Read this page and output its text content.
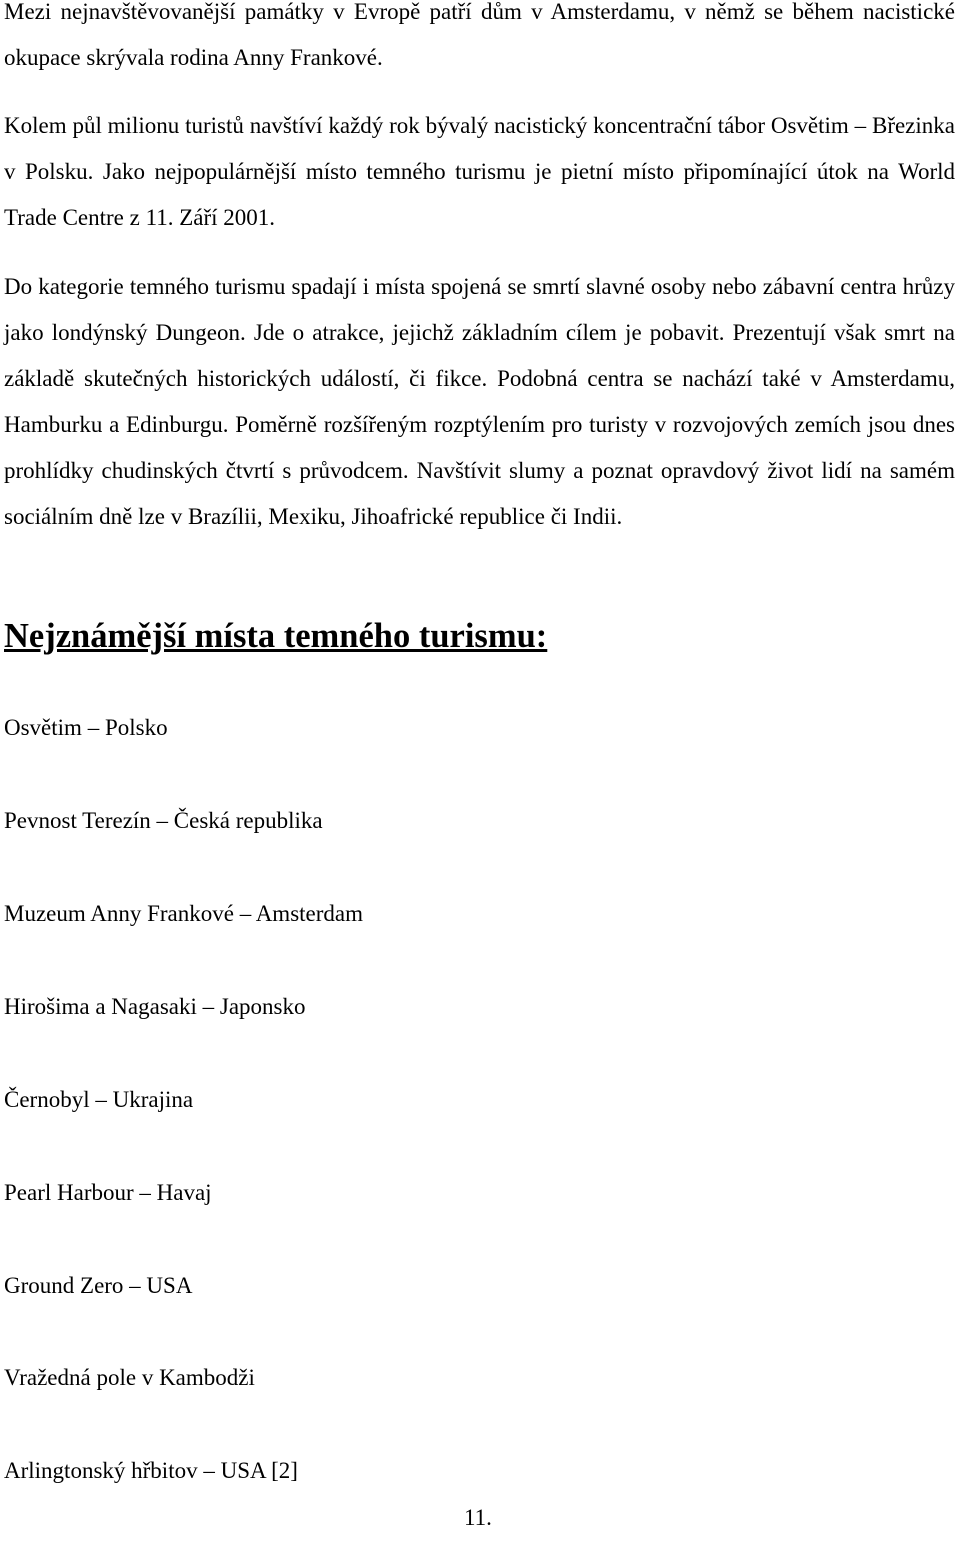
Mezi nejnavštěvovanější památky v Evropě patří dům v Amsterdamu, v němž se během nacistické okupace skrývala rodina Anny Frankové.

Kolem půl milionu turistů navštíví každý rok bývalý nacistický koncentrační tábor Osvětim – Březinka v Polsku. Jako nejpopulárnější místo temného turismu je pietní místo připomínající útok na World Trade Centre z 11. Září 2001.

Do kategorie temného turismu spadají i místa spojená se smrtí slavné osoby nebo zábavní centra hrůzy jako londýnský Dungeon. Jde o atrakce, jejichž základním cílem je pobavit. Prezentují však smrt na základě skutečných historických událostí, či fikce. Podobná centra se nachází také v Amsterdamu, Hamburku a Edinburgu. Poměrně rozšířeným rozptýlením pro turisty v rozvojových zemích jsou dnes prohlídky chudinských čtvrtí s průvodcem. Navštívit slumy a poznat opravdový život lidí na samém sociálním dně lze v Brazílii, Mexiku, Jihoafrické republice či Indii.

Nejznámější místa temného turismu:
Osvětim – Polsko
Pevnost Terezín – Česká republika
Muzeum Anny Frankové – Amsterdam
Hirošima a Nagasaki – Japonsko
Černobyl – Ukrajina
Pearl Harbour – Havaj
Ground Zero – USA
Vražedná pole v Kambodži
Arlingtonský hřbitov – USA [2]
11.
